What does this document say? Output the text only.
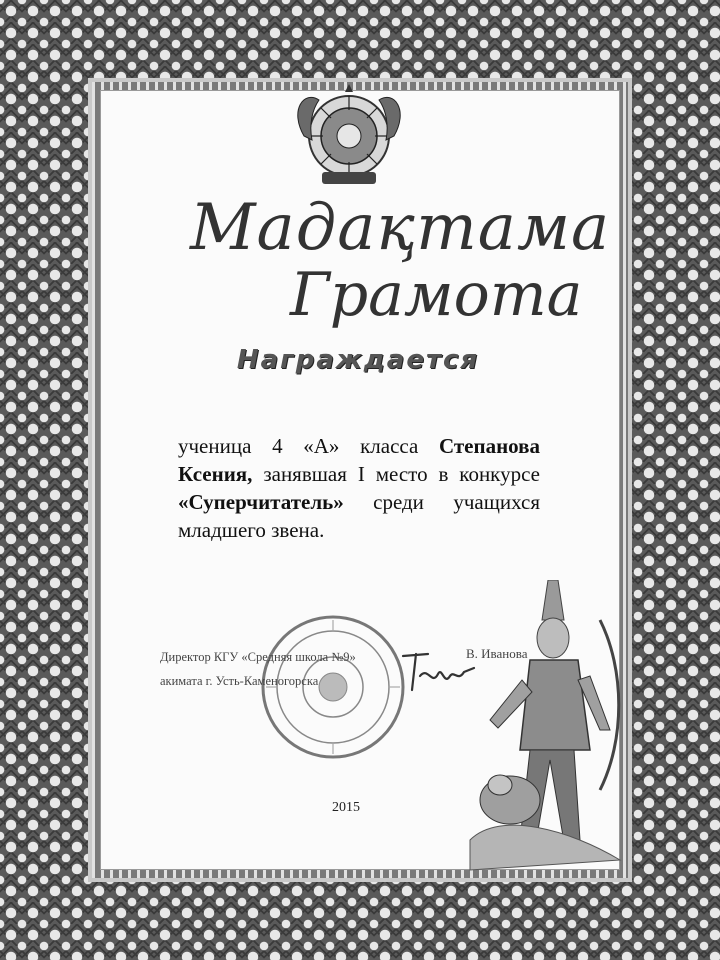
Мадақтама
Грамота
Награждается
ученица 4 «А» класса Степанова Ксения, занявшая I место в конкурсе «Суперчитатель» среди учащихся младшего звена.
Директор КГУ «Средняя школа №9»
акимата г. Усть-Каменогорска
В. Иванова
2015
